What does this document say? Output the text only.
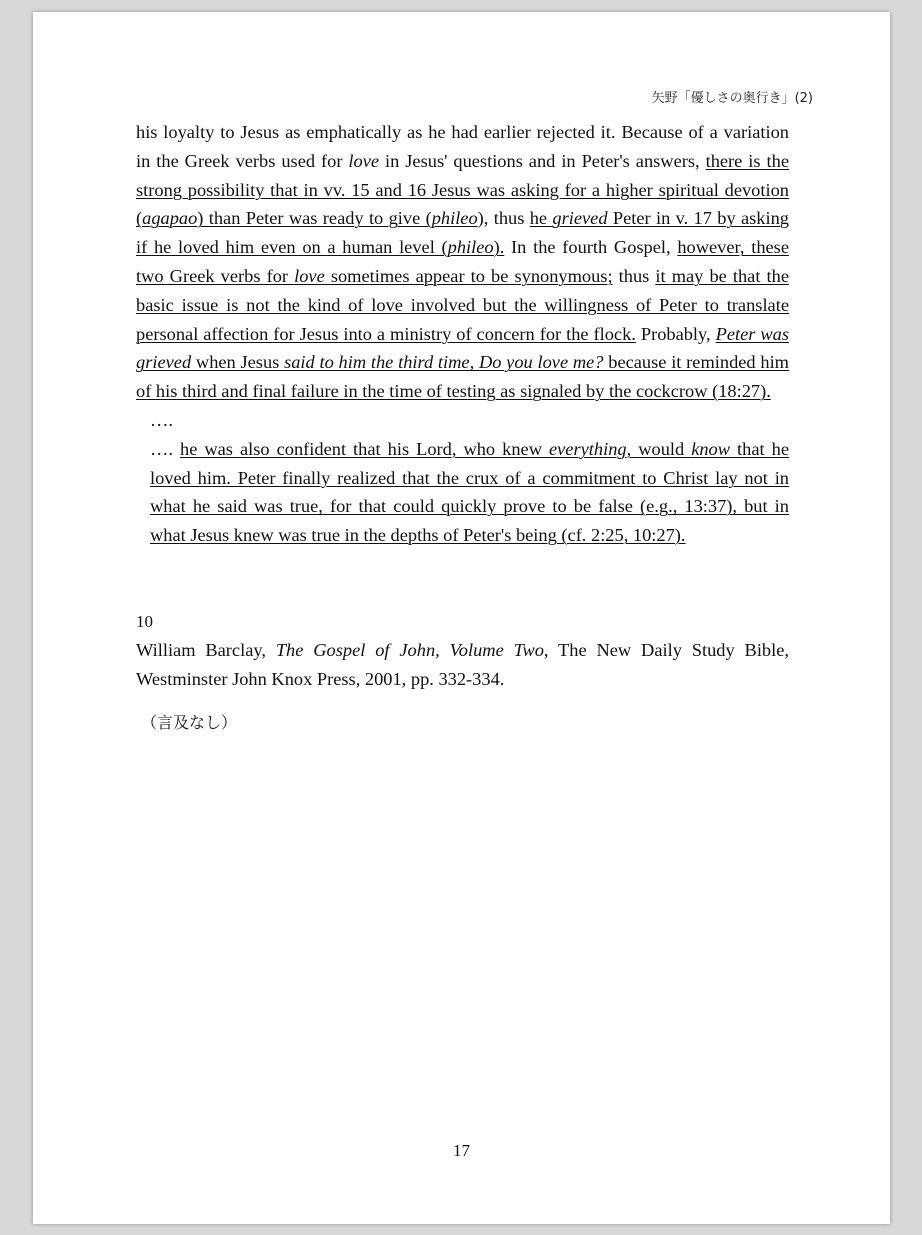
矢野「優しさの奥行き」(2)

his loyalty to Jesus as emphatically as he had earlier rejected it. Because of a variation in the Greek verbs used for love in Jesus' questions and in Peter's answers, there is the strong possibility that in vv. 15 and 16 Jesus was asking for a higher spiritual devotion (agapao) than Peter was ready to give (phileo), thus he grieved Peter in v. 17 by asking if he loved him even on a human level (phileo). In the fourth Gospel, however, these two Greek verbs for love sometimes appear to be synonymous; thus it may be that the basic issue is not the kind of love involved but the willingness of Peter to translate personal affection for Jesus into a ministry of concern for the flock. Probably, Peter was grieved when Jesus said to him the third time, Do you love me? because it reminded him of his third and final failure in the time of testing as signaled by the cockcrow (18:27).

….

…. he was also confident that his Lord, who knew everything, would know that he loved him. Peter finally realized that the crux of a commitment to Christ lay not in what he said was true, for that could quickly prove to be false (e.g., 13:37), but in what Jesus knew was true in the depths of Peter's being (cf. 2:25, 10:27).

10
William Barclay, The Gospel of John, Volume Two, The New Daily Study Bible, Westminster John Knox Press, 2001, pp. 332-334.
（言及なし）
17
